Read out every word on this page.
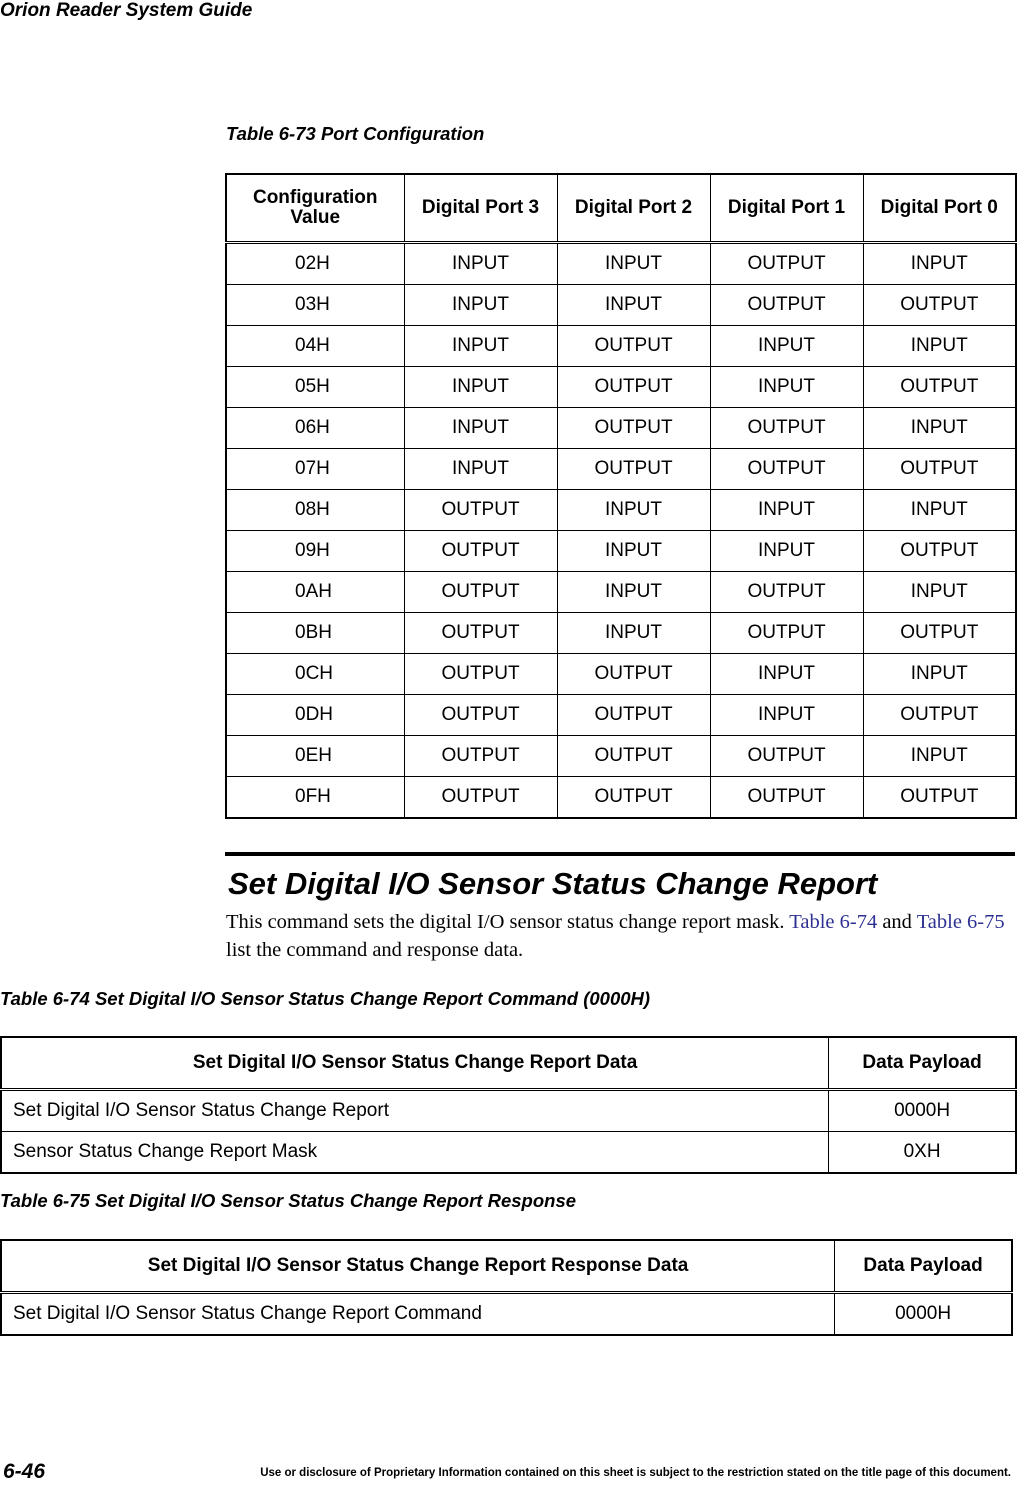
Orion Reader System Guide
Table 6-73 Port Configuration
Configuration Value	Digital Port 3	Digital Port 2	Digital Port 1	Digital Port 0
02H	INPUT	INPUT	OUTPUT	INPUT
03H	INPUT	INPUT	OUTPUT	OUTPUT
04H	INPUT	OUTPUT	INPUT	INPUT
05H	INPUT	OUTPUT	INPUT	OUTPUT
06H	INPUT	OUTPUT	OUTPUT	INPUT
07H	INPUT	OUTPUT	OUTPUT	OUTPUT
08H	OUTPUT	INPUT	INPUT	INPUT
09H	OUTPUT	INPUT	INPUT	OUTPUT
0AH	OUTPUT	INPUT	OUTPUT	INPUT
0BH	OUTPUT	INPUT	OUTPUT	OUTPUT
0CH	OUTPUT	OUTPUT	INPUT	INPUT
0DH	OUTPUT	OUTPUT	INPUT	OUTPUT
0EH	OUTPUT	OUTPUT	OUTPUT	INPUT
0FH	OUTPUT	OUTPUT	OUTPUT	OUTPUT
Set Digital I/O Sensor Status Change Report
This command sets the digital I/O sensor status change report mask. Table 6-74 and Table 6-75 list the command and response data.
Table 6-74 Set Digital I/O Sensor Status Change Report Command (0000H)
Set Digital I/O Sensor Status Change Report Data	Data Payload
Set Digital I/O Sensor Status Change Report	0000H
Sensor Status Change Report Mask	0XH
Table 6-75 Set Digital I/O Sensor Status Change Report Response
Set Digital I/O Sensor Status Change Report Response Data	Data Payload
Set Digital I/O Sensor Status Change Report Command	0000H
6-46	Use or disclosure of Proprietary Information contained on this sheet is subject to the restriction stated on the title page of this document.
